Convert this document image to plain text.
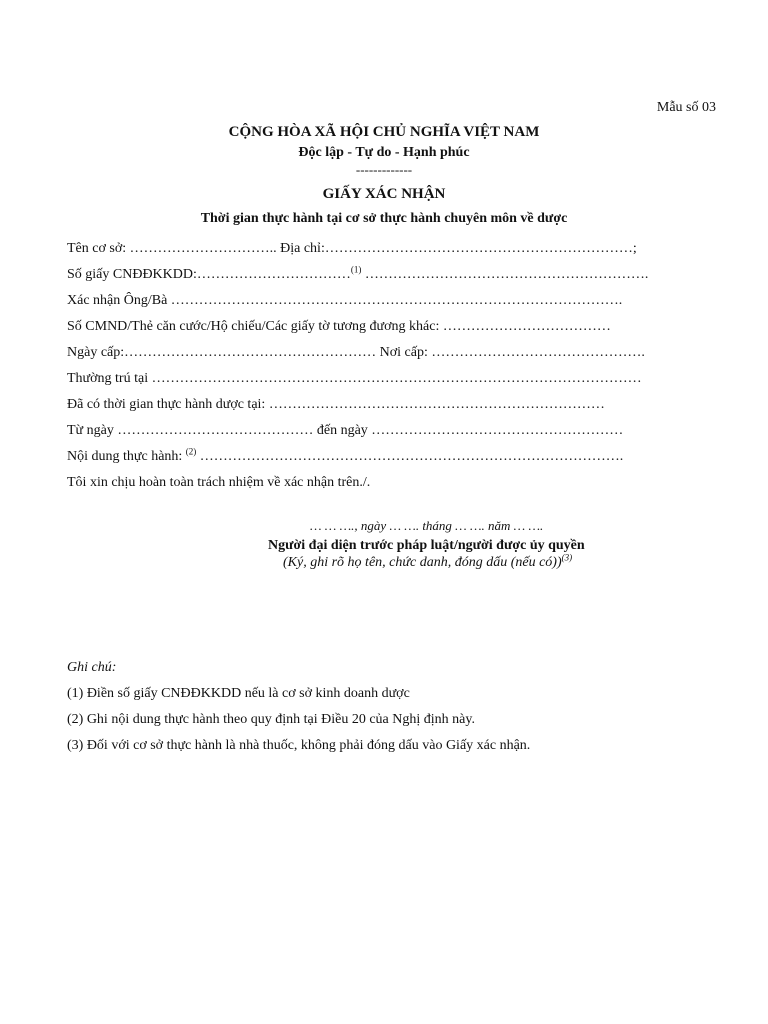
Mẫu số 03
CỘNG HÒA XÃ HỘI CHỦ NGHĨA VIỆT NAM
Độc lập - Tự do - Hạnh phúc
-------------
GIẤY XÁC NHẬN
Thời gian thực hành tại cơ sở thực hành chuyên môn về dược
Tên cơ sở: ………………………….. Địa chỉ:…………………………………………………………;
Số giấy CNĐĐKKDD:……………………………$^{(1)}$ …………………………………………………….
Xác nhận Ông/Bà …………………………………………………………………………………….
Số CMND/Thẻ căn cước/Hộ chiếu/Các giấy tờ tương đương khác: ………………………………
Ngày cấp:……………………………………………… Nơi cấp: ……………………………………….
Thường trú tại ……………………………………………………………………………………………
Đã có thời gian thực hành dược tại: ………………………………………………………………
Từ ngày …………………………………… đến ngày ………………………………………………
Nội dung thực hành: $^{(2)}$ ……………………………………………………………………………….
Tôi xin chịu hoàn toàn trách nhiệm về xác nhận trên./.
… … …., ngày … …. tháng … …. năm … ….
Người đại diện trước pháp luật/người được ủy quyền
(Ký, ghi rõ họ tên, chức danh, đóng dấu (nếu có))$^{(3)}$
Ghi chú:
(1) Điền số giấy CNĐĐKKDD nếu là cơ sở kinh doanh dược
(2) Ghi nội dung thực hành theo quy định tại Điều 20 của Nghị định này.
(3) Đối với cơ sở thực hành là nhà thuốc, không phải đóng dấu vào Giấy xác nhận.
